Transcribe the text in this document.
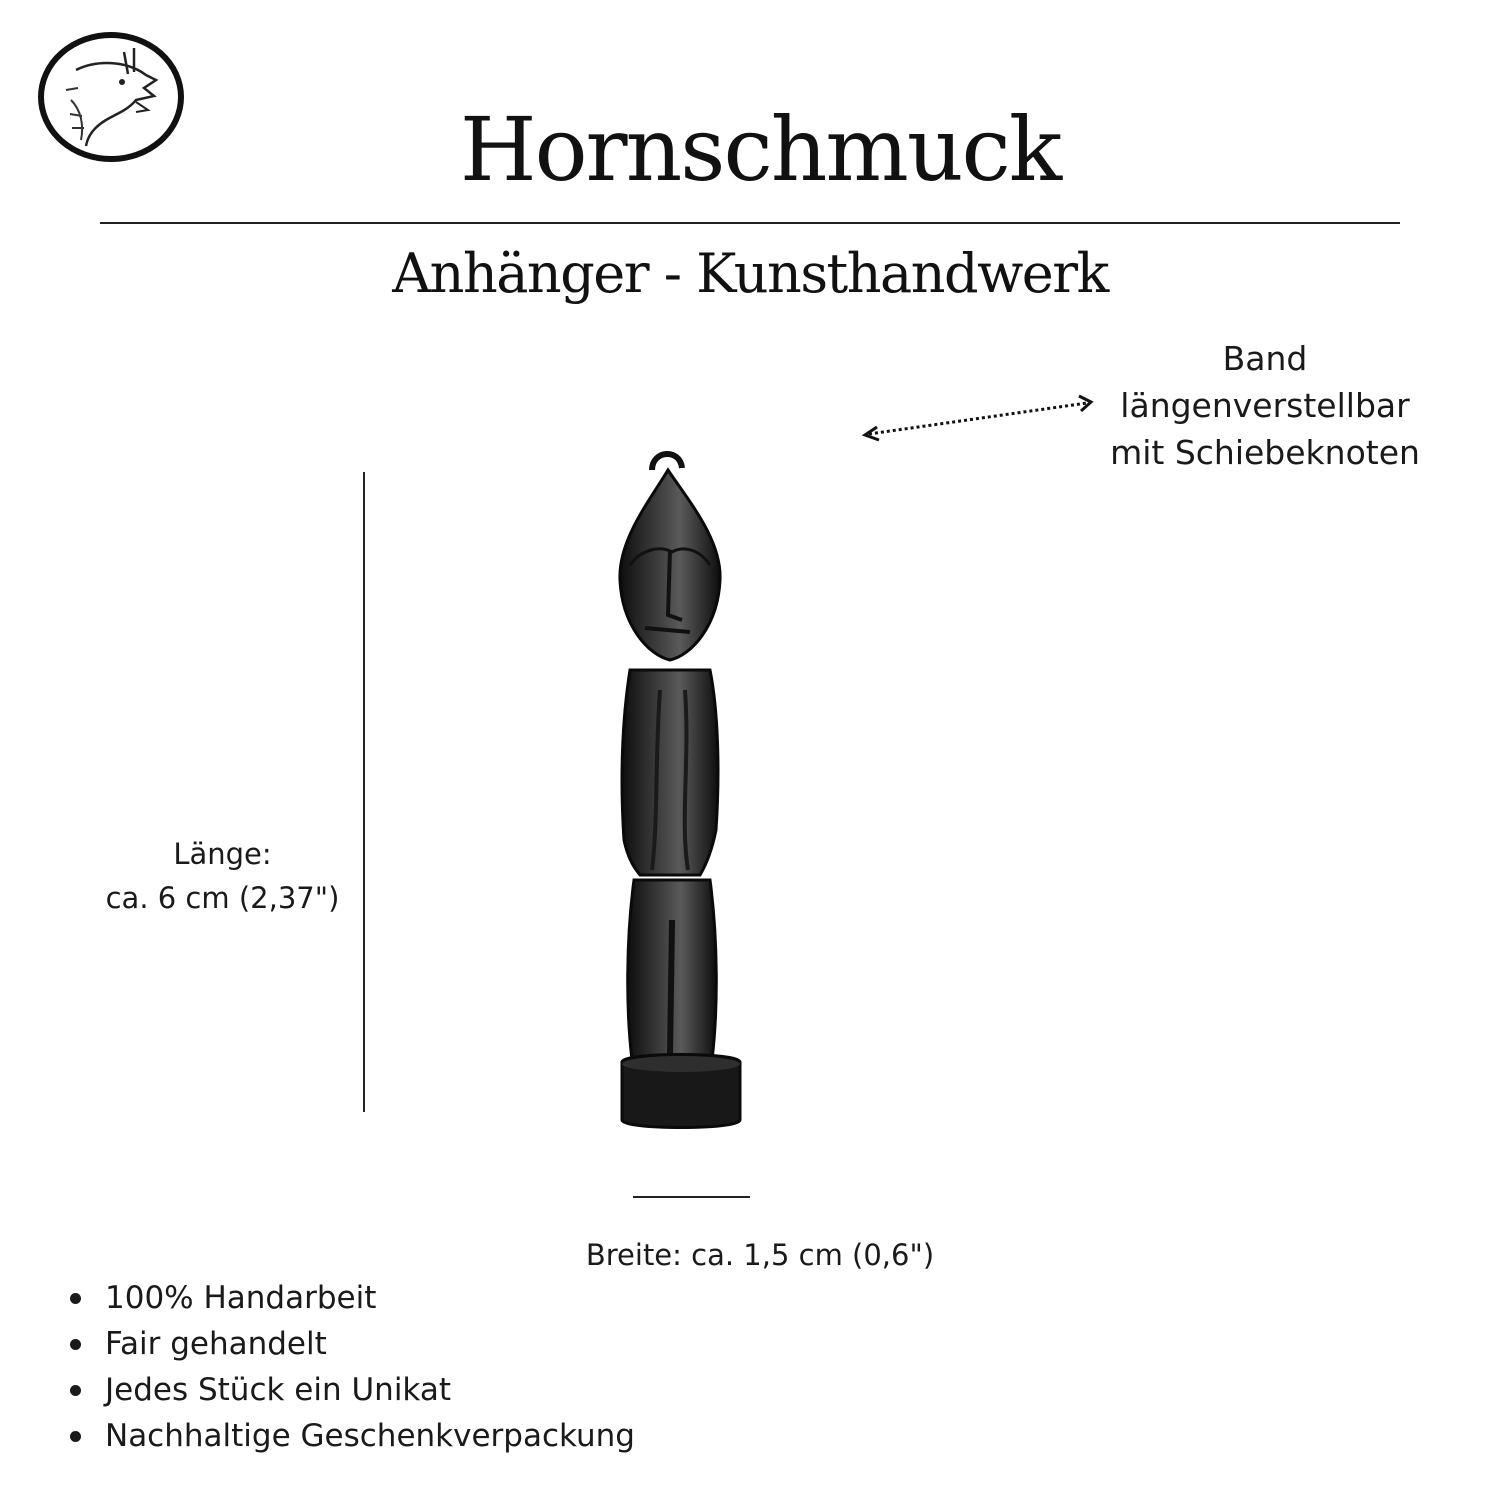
Hornschmuck
Anhänger - Kunsthandwerk
Band
längenverstellbar
mit Schiebeknoten
Länge:
ca. 6 cm (2,37")
Breite: ca. 1,5 cm (0,6")
100% Handarbeit
Fair gehandelt
Jedes Stück ein Unikat
Nachhaltige Geschenkverpackung
